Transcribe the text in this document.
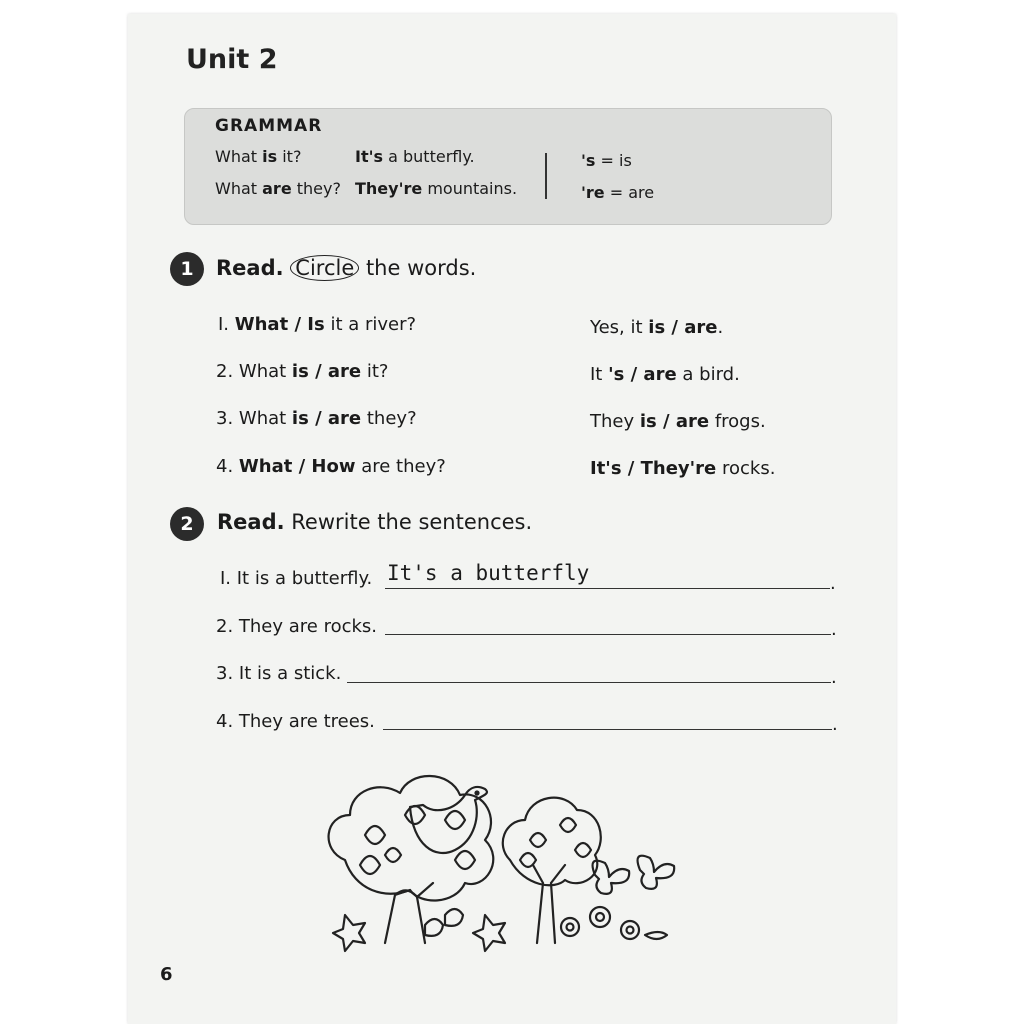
Unit 2
GRAMMAR
What is it?	It's a butterfly.	's = is
What are they? They're mountains.	're = are
1	Read. Circle the words.
I. What / Is it a river?	Yes, it is / are.
2. What is / are it?	It 's / are a bird.
3. What is / are they?	They is / are frogs.
4. What / How are they?	It's / They're rocks.
2	Read. Rewrite the sentences.
I. It is a butterfly. It's a butterfly	.
2. They are rocks.	.
3. It is a stick.	.
4. They are trees.	.
6
